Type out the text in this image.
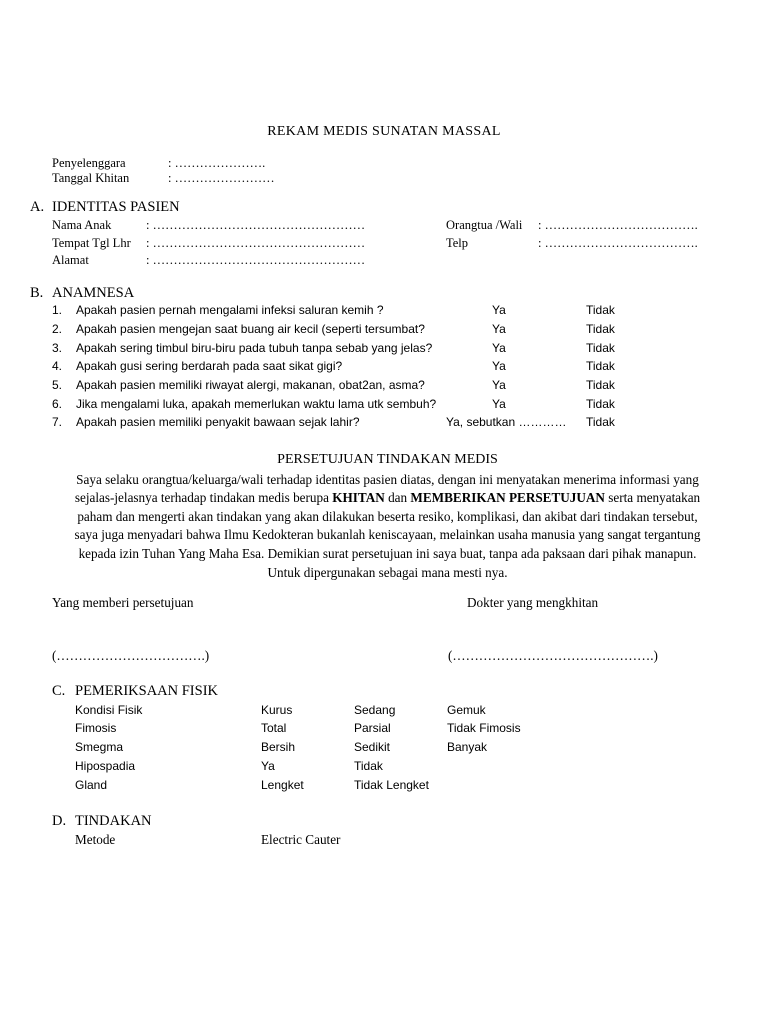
REKAM MEDIS SUNATAN MASSAL
Penyelenggara	: ………………….
Tanggal Khitan	: ……………………
A. IDENTITAS PASIEN
Nama Anak	: ……………………………………………
Tempat Tgl Lhr : ……………………………………………
Alamat	: ……………………………………………
Orangtua /Wali : ……………………………….
Telp	: ……………………………….
B. ANAMNESA
1. Apakah pasien pernah mengalami infeksi saluran kemih ?	Ya	Tidak
2. Apakah pasien mengejan saat buang air kecil (seperti tersumbat?	Ya	Tidak
3. Apakah sering timbul biru-biru pada tubuh tanpa sebab yang jelas?	Ya	Tidak
4. Apakah gusi sering berdarah pada saat sikat gigi?	Ya	Tidak
5. Apakah pasien memiliki riwayat alergi, makanan, obat2an, asma?	Ya	Tidak
6. Jika mengalami luka, apakah memerlukan waktu lama utk sembuh?	Ya	Tidak
7. Apakah pasien memiliki penyakit bawaan sejak lahir?	Ya, sebutkan ………… Tidak

PERSETUJUAN TINDAKAN MEDIS

Saya selaku orangtua/keluarga/wali terhadap identitas pasien diatas, dengan ini menyatakan menerima informasi yang

sejalas-jelasnya terhadap tindakan medis berupa KHITAN dan MEMBERIKAN PERSETUJUAN serta menyatakan

paham dan mengerti akan tindakan yang akan dilakukan beserta resiko, komplikasi, dan akibat dari tindakan tersebut,

saya juga menyadari bahwa Ilmu Kedokteran bukanlah keniscayaan, melainkan usaha manusia yang sangat tergantung

kepada izin Tuhan Yang Maha Esa. Demikian surat persetujuan ini saya buat, tanpa ada paksaan dari pihak manapun.

Untuk dipergunakan sebagai mana mesti nya.

Yang memberi persetujuan	Dokter yang mengkhitan
(…………………………….)	(……………………………………….)
C. PEMERIKSAAN FISIK
Kondisi Fisik	Kurus	Sedang	Gemuk
Fimosis	Total	Parsial	Tidak Fimosis
Smegma	Bersih	Sedikit	Banyak
Hipospadia	Ya	Tidak
Gland	Lengket	Tidak Lengket
D. TINDAKAN
Metode	Electric Cauter
